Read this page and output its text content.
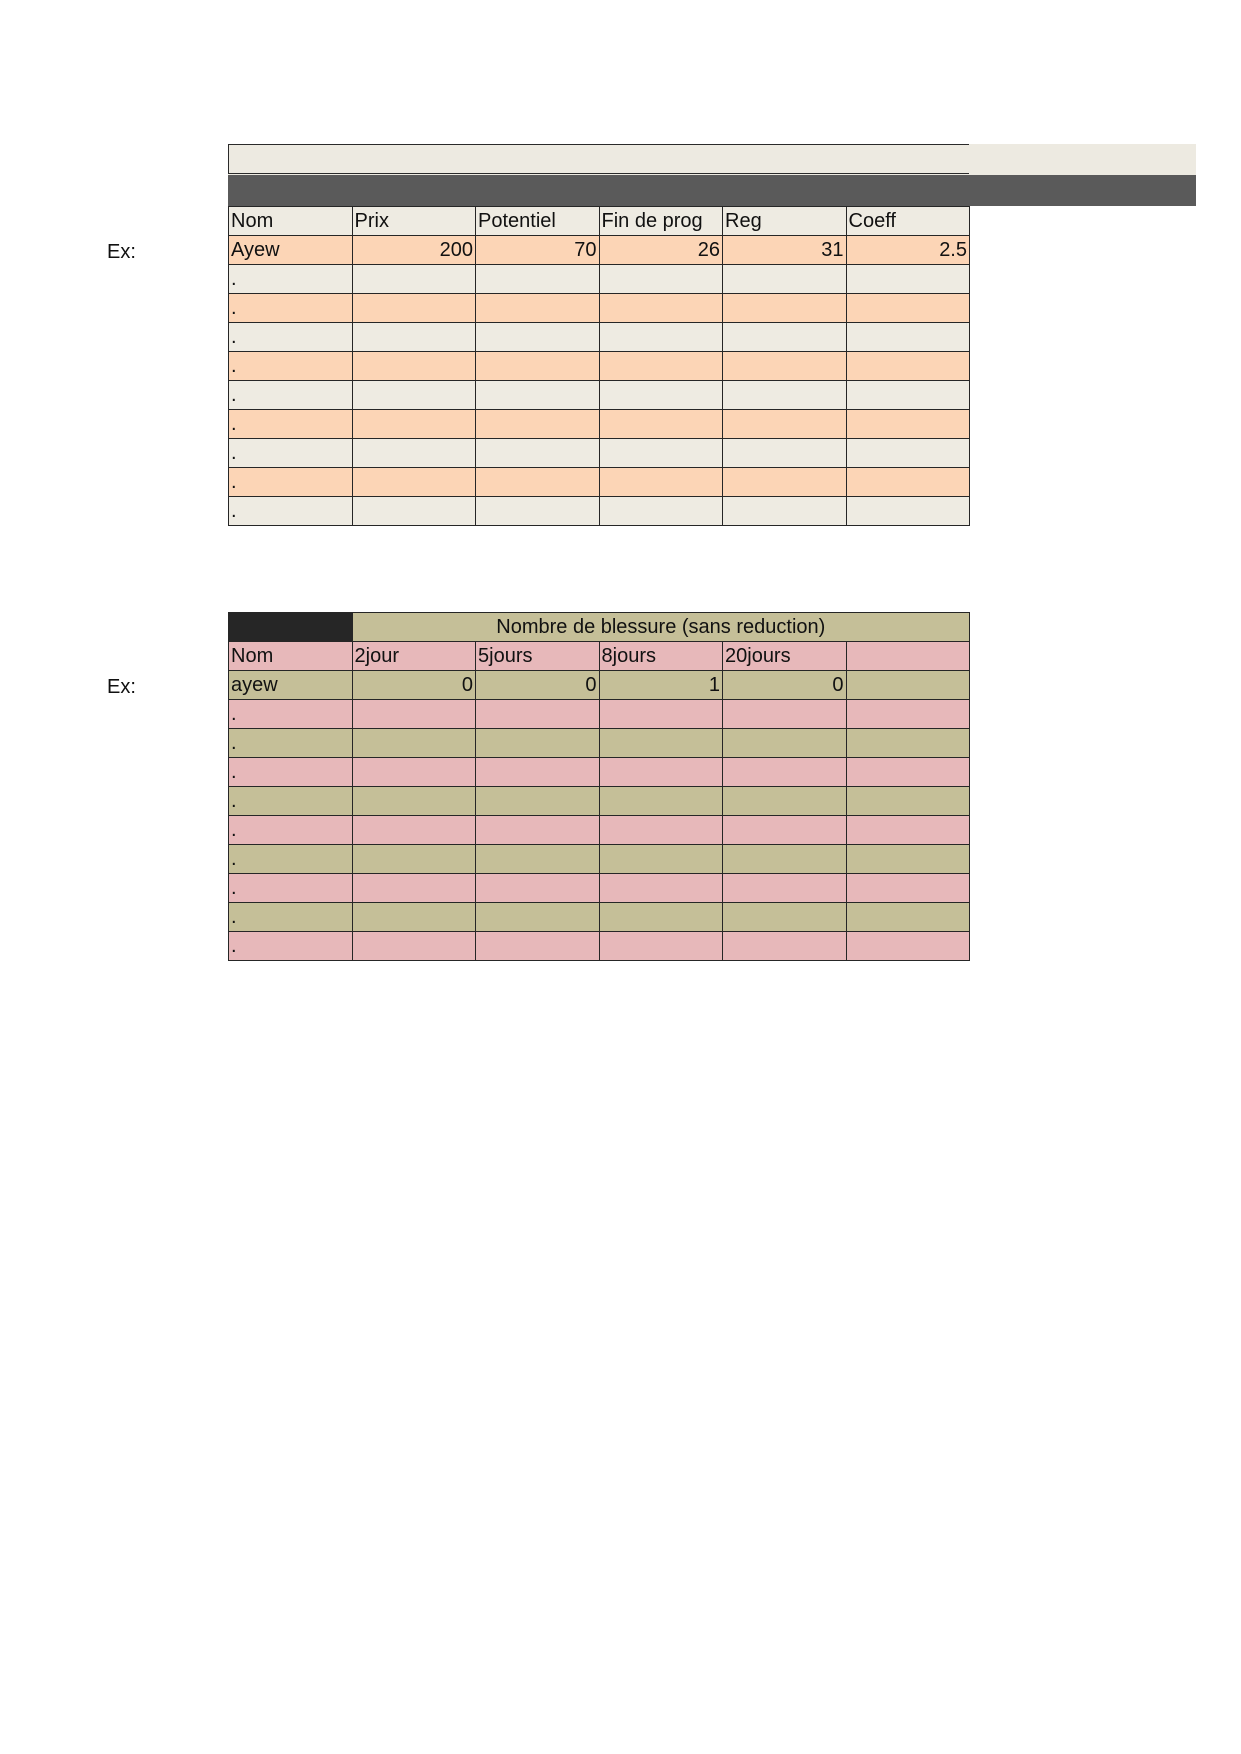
Ex:
Ex:
Nom	Prix	Potentiel	Fin de prog	Reg	Coeff
Ayew	200	70	26	31	2.5
.					
.					
.					
.					
.					
.					
.					
.					
.					
	Nombre de blessure (sans reduction)				
Nom	2jour	5jours	8jours	20jours	
ayew	0	0	1	0	
.					
.					
.					
.					
.					
.					
.					
.					
.					
